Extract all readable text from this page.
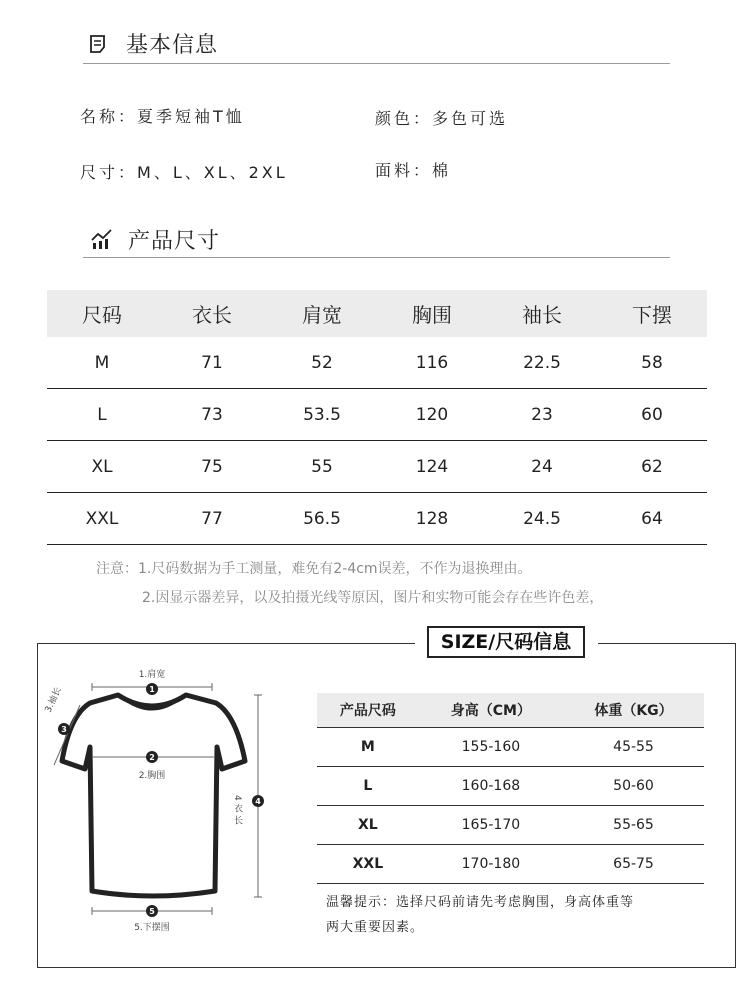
基本信息
名称：夏季短袖T恤	颜色：多色可选
尺寸：M、L、XL、2XL	面料：棉
产品尺寸
尺码	衣长	肩宽	胸围	袖长	下摆
M	71	52	116	22.5	58
L	73	53.5	120	23	60
XL	75	55	124	24	62
XXL	77	56.5	128	24.5	64
注意：1.尺码数据为手工测量，难免有2-4cm误差，不作为退换理由。
2.因显示器差异，以及拍摄光线等原因，图片和实物可能会存在些许色差，
SIZE/尺码信息
1.肩宽
1
2
2.胸围
3
3.袖长
4
4 衣 长
5
5.下摆围
产品尺码	身高（CM）	体重（KG）
M	155-160	45-55
L	160-168	50-60
XL	165-170	55-65
XXL	170-180	65-75
温馨提示：选择尺码前请先考虑胸围，身高体重等
两大重要因素。
